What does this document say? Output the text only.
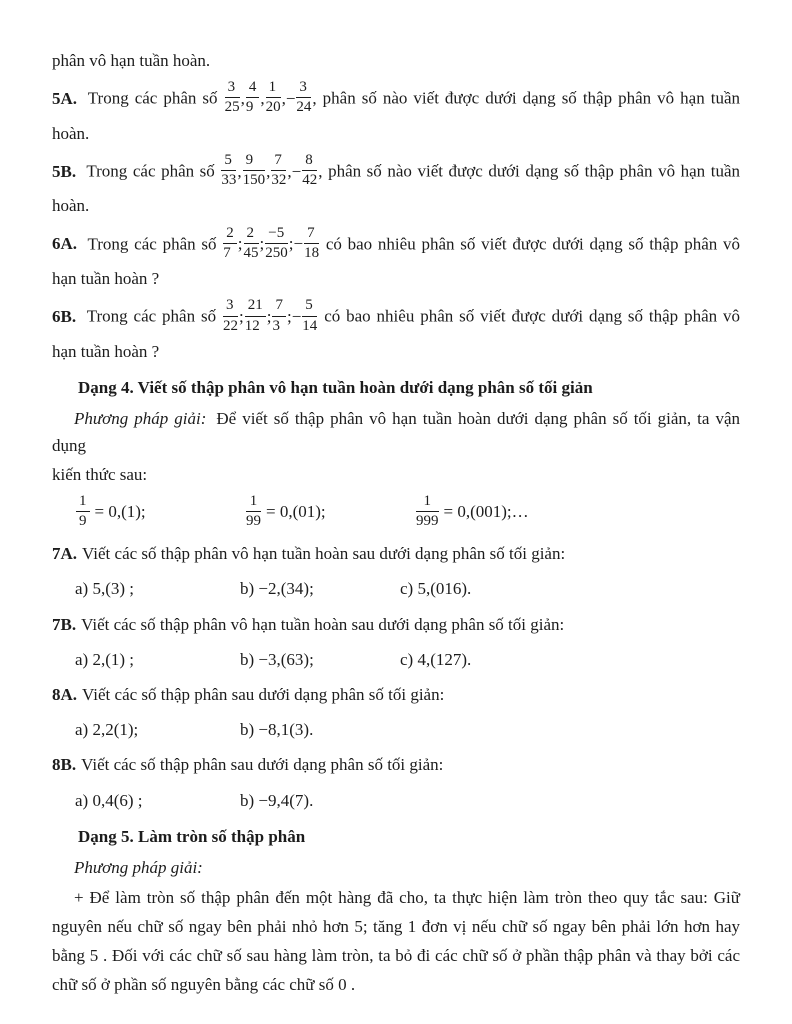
phân vô hạn tuần hoàn.
5A. Trong các phân số $\frac{3}{25}$ , $\frac{4}{9}$ , $\frac{1}{20}$ ,− $\frac{3}{24}$ , phân số nào viết được dưới dạng số thập phân vô hạn tuần
hoàn.
5B. Trong các phân số $\frac{5}{33}$ , $\frac{9}{150}$ , $\frac{7}{32}$ ,− $\frac{8}{42}$ , phân số nào viết được dưới dạng số thập phân vô hạn tuần
hoàn.
6A. Trong các phân số $\frac{2}{7}$ ; $\frac{2}{45}$ ; $\frac{-5}{250}$ ;− $\frac{7}{18}$ có bao nhiêu phân số viết được dưới dạng số thập phân vô
hạn tuần hoàn ?
6B. Trong các phân số $\frac{3}{22}$ ; $\frac{21}{12}$ ; $\frac{7}{3}$ ;− $\frac{5}{14}$ có bao nhiêu phân số viết được dưới dạng số thập phân vô
hạn tuần hoàn ?
Dạng 4. Viết số thập phân vô hạn tuần hoàn dưới dạng phân số tối giản
Phương pháp giải: Để viết số thập phân vô hạn tuần hoàn dưới dạng phân số tối giản, ta vận dụng
kiến thức sau:
$\frac{1}{9} = 0,(1)$;	$\frac{1}{99} = 0,(01)$;	$\frac{1}{999}$ = 0,(001);…
7A. Viết các số thập phân vô hạn tuần hoàn sau dưới dạng phân số tối giản:
a) 5,(3) ;	b) −2,(34);	c) 5,(016).
7B. Viết các số thập phân vô hạn tuần hoàn sau dưới dạng phân số tối giản:
a) 2,(1) ;	b) −3,(63);	c) 4,(127).
8A. Viết các số thập phân sau dưới dạng phân số tối giản:
a) 2,2(1);	b) −8,1(3).
8B. Viết các số thập phân sau dưới dạng phân số tối giản:
a) 0,4(6) ;	b) −9,4(7).
Dạng 5. Làm tròn số thập phân
Phương pháp giải:

+ Để làm tròn số thập phân đến một hàng đã cho, ta thực hiện làm tròn theo quy tắc sau: Giữ nguyên nếu chữ số ngay bên phải nhỏ hơn 5; tăng 1 đơn vị nếu chữ số ngay bên phải lớn hơn hay bằng 5 . Đối với các chữ số sau hàng làm tròn, ta bỏ đi các chữ số ở phần thập phân và thay bởi các chữ số ở phần số nguyên bằng các chữ số 0 .
